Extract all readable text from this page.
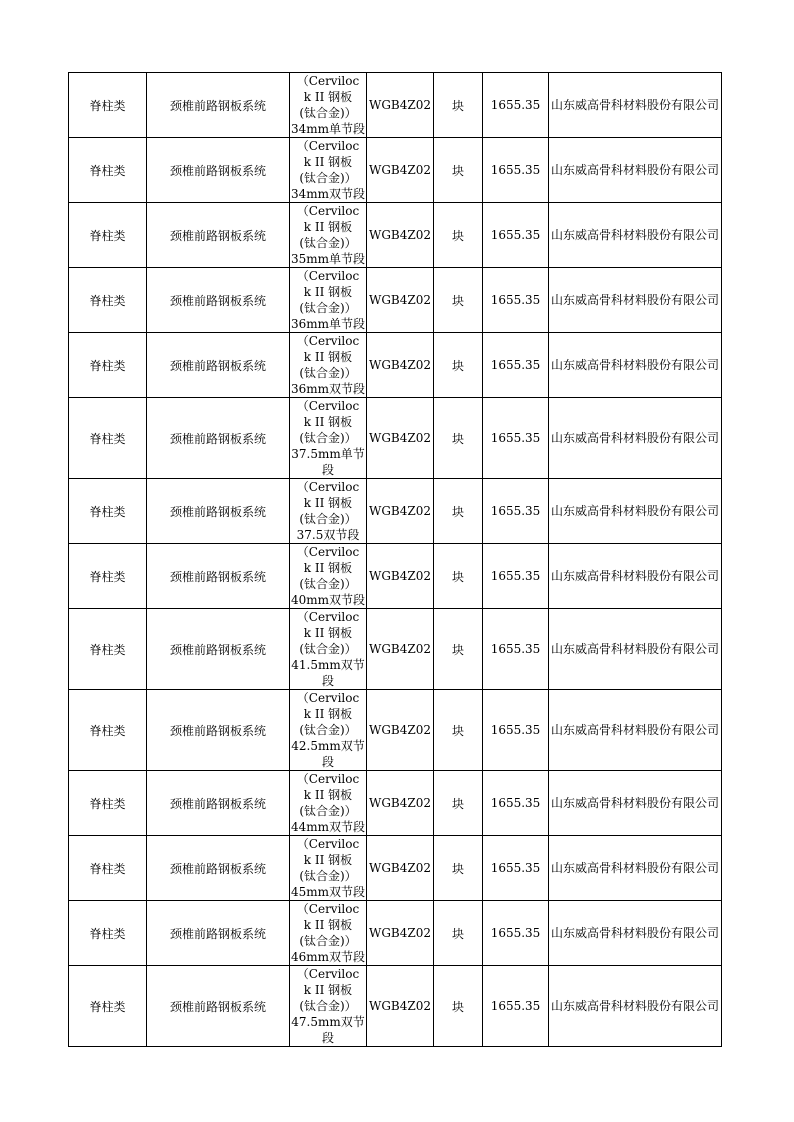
脊柱类	颈椎前路钢板系统	（Cerviloc
k II 钢板
(钛合金)）
34mm单节段	WGB4Z02	块	1655.35	山东威高骨科材料股份有限公司
脊柱类	颈椎前路钢板系统	（Cerviloc
k II 钢板
(钛合金)）
34mm双节段	WGB4Z02	块	1655.35	山东威高骨科材料股份有限公司
脊柱类	颈椎前路钢板系统	（Cerviloc
k II 钢板
(钛合金)）
35mm单节段	WGB4Z02	块	1655.35	山东威高骨科材料股份有限公司
脊柱类	颈椎前路钢板系统	（Cerviloc
k II 钢板
(钛合金)）
36mm单节段	WGB4Z02	块	1655.35	山东威高骨科材料股份有限公司
脊柱类	颈椎前路钢板系统	（Cerviloc
k II 钢板
(钛合金)）
36mm双节段	WGB4Z02	块	1655.35	山东威高骨科材料股份有限公司
脊柱类	颈椎前路钢板系统	（Cerviloc
k II 钢板
(钛合金)）
37.5mm单节
段	WGB4Z02	块	1655.35	山东威高骨科材料股份有限公司
脊柱类	颈椎前路钢板系统	（Cerviloc
k II 钢板
(钛合金)）
37.5双节段	WGB4Z02	块	1655.35	山东威高骨科材料股份有限公司
脊柱类	颈椎前路钢板系统	（Cerviloc
k II 钢板
(钛合金)）
40mm双节段	WGB4Z02	块	1655.35	山东威高骨科材料股份有限公司
脊柱类	颈椎前路钢板系统	（Cerviloc
k II 钢板
(钛合金)）
41.5mm双节
段	WGB4Z02	块	1655.35	山东威高骨科材料股份有限公司
脊柱类	颈椎前路钢板系统	（Cerviloc
k II 钢板
(钛合金)）
42.5mm双节
段	WGB4Z02	块	1655.35	山东威高骨科材料股份有限公司
脊柱类	颈椎前路钢板系统	（Cerviloc
k II 钢板
(钛合金)）
44mm双节段	WGB4Z02	块	1655.35	山东威高骨科材料股份有限公司
脊柱类	颈椎前路钢板系统	（Cerviloc
k II 钢板
(钛合金)）
45mm双节段	WGB4Z02	块	1655.35	山东威高骨科材料股份有限公司
脊柱类	颈椎前路钢板系统	（Cerviloc
k II 钢板
(钛合金)）
46mm双节段	WGB4Z02	块	1655.35	山东威高骨科材料股份有限公司
脊柱类	颈椎前路钢板系统	（Cerviloc
k II 钢板
(钛合金)）
47.5mm双节
段	WGB4Z02	块	1655.35	山东威高骨科材料股份有限公司
